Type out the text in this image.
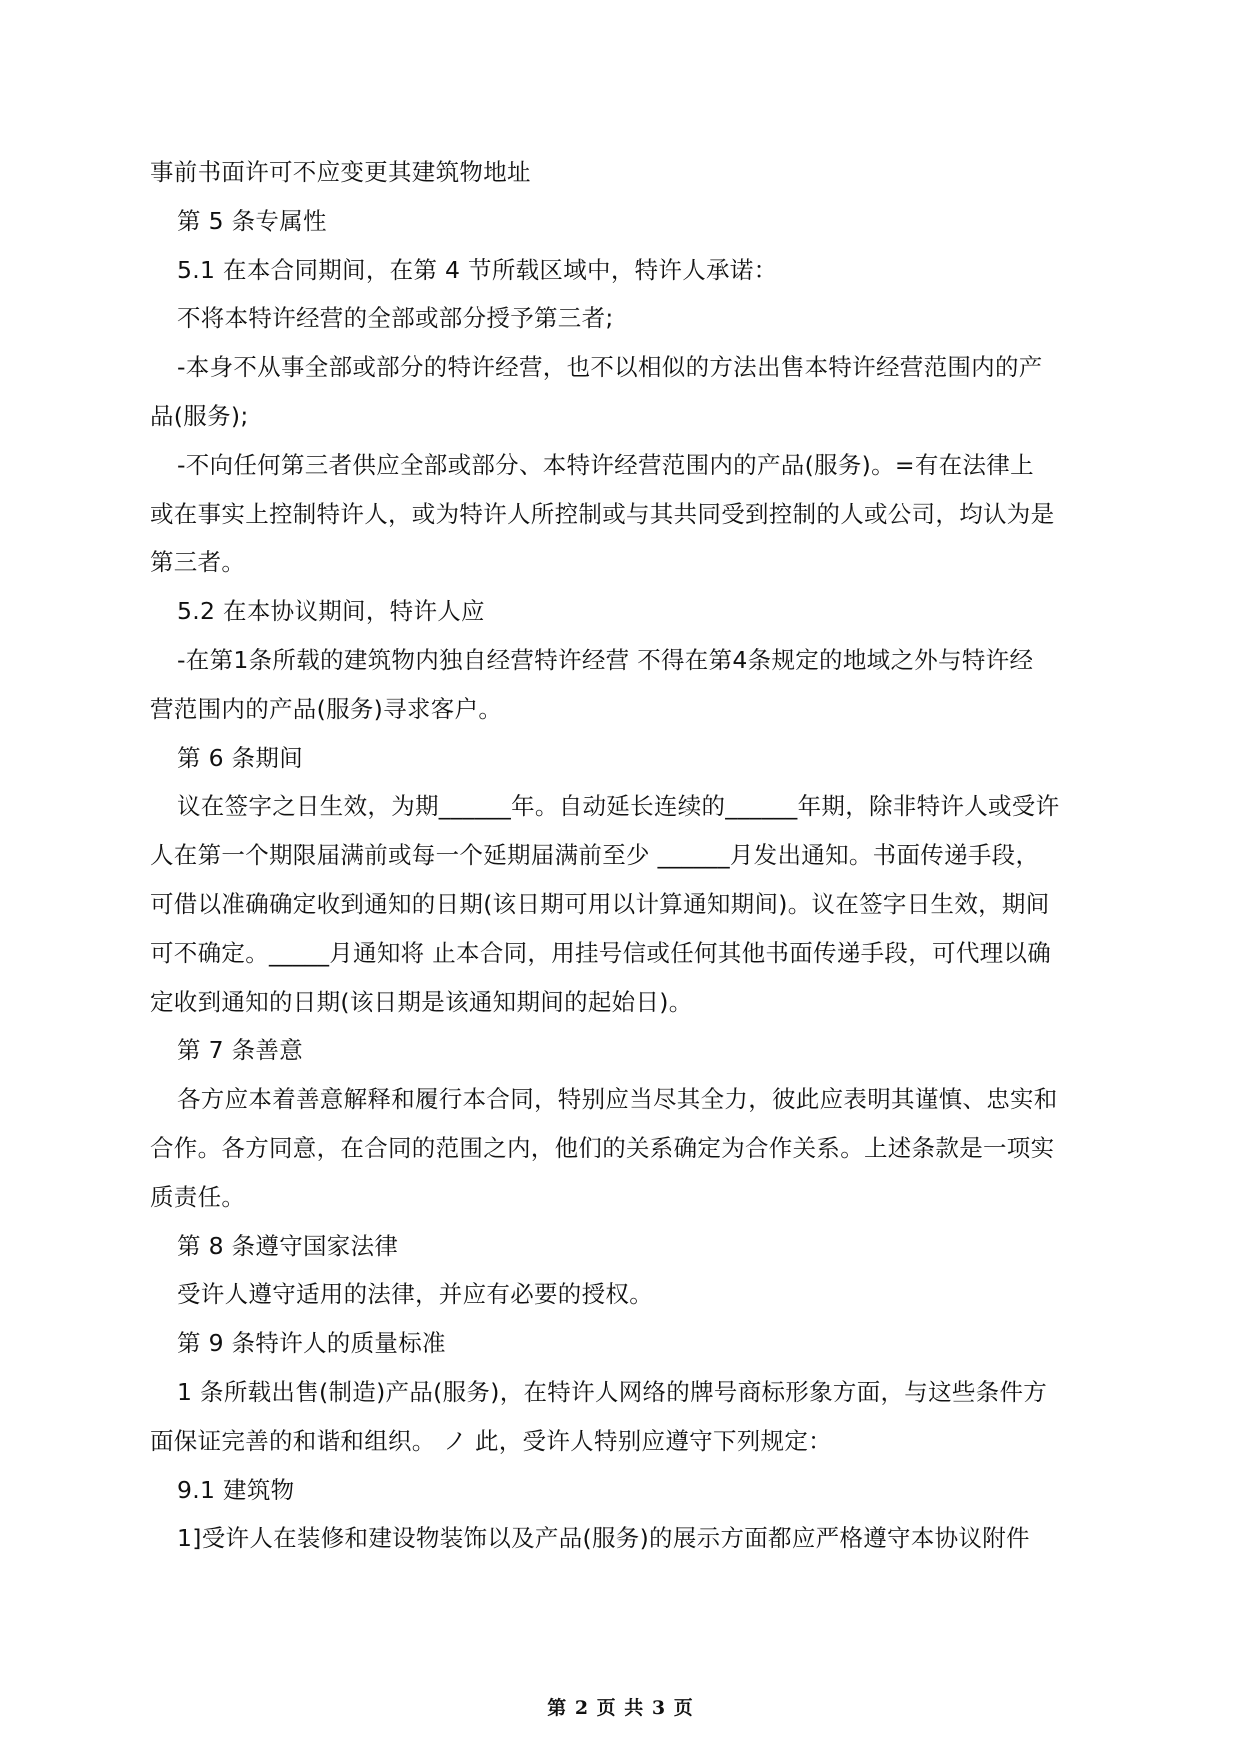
事前书面许可不应变更其建筑物地址
第 5 条专属性
5.1 在本合同期间，在第 4 节所载区域中，特许人承诺：
不将本特许经营的全部或部分授予第三者;
-本身不从事全部或部分的特许经营，也不以相似的方法出售本特许经营范围内的产
品(服务);
-不向任何第三者供应全部或部分、本特许经营范围内的产品(服务)。=有在法律上
或在事实上控制特许人，或为特许人所控制或与其共同受到控制的人或公司，均认为是
第三者。
5.2 在本协议期间，特许人应
-在第1条所载的建筑物内独自经营特许经营 不得在第4条规定的地域之外与特许经
营范围内的产品(服务)寻求客户。
第 6 条期间
议在签字之日生效，为期______年。自动延长连续的______年期，除非特许人或受许
人在第一个期限届满前或每一个延期届满前至少 ______月发出通知。书面传递手段，
可借以准确确定收到通知的日期(该日期可用以计算通知期间)。议在签字日生效，期间
可不确定。_____月通知将 止本合同，用挂号信或任何其他书面传递手段，可代理以确
定收到通知的日期(该日期是该通知期间的起始日)。
第 7 条善意
各方应本着善意解释和履行本合同，特别应当尽其全力，彼此应表明其谨慎、忠实和
合作。各方同意，在合同的范围之内，他们的关系确定为合作关系。上述条款是一项实
质责任。
第 8 条遵守国家法律
受许人遵守适用的法律，并应有必要的授权。
第 9 条特许人的质量标准
1 条所载出售(制造)产品(服务)，在特许人网络的牌号商标形象方面，与这些条件方
面保证完善的和谐和组织。 ノ 此，受许人特别应遵守下列规定：
9.1 建筑物
1]受许人在装修和建设物装饰以及产品(服务)的展示方面都应严格遵守本协议附件
第 2 页 共 3 页
